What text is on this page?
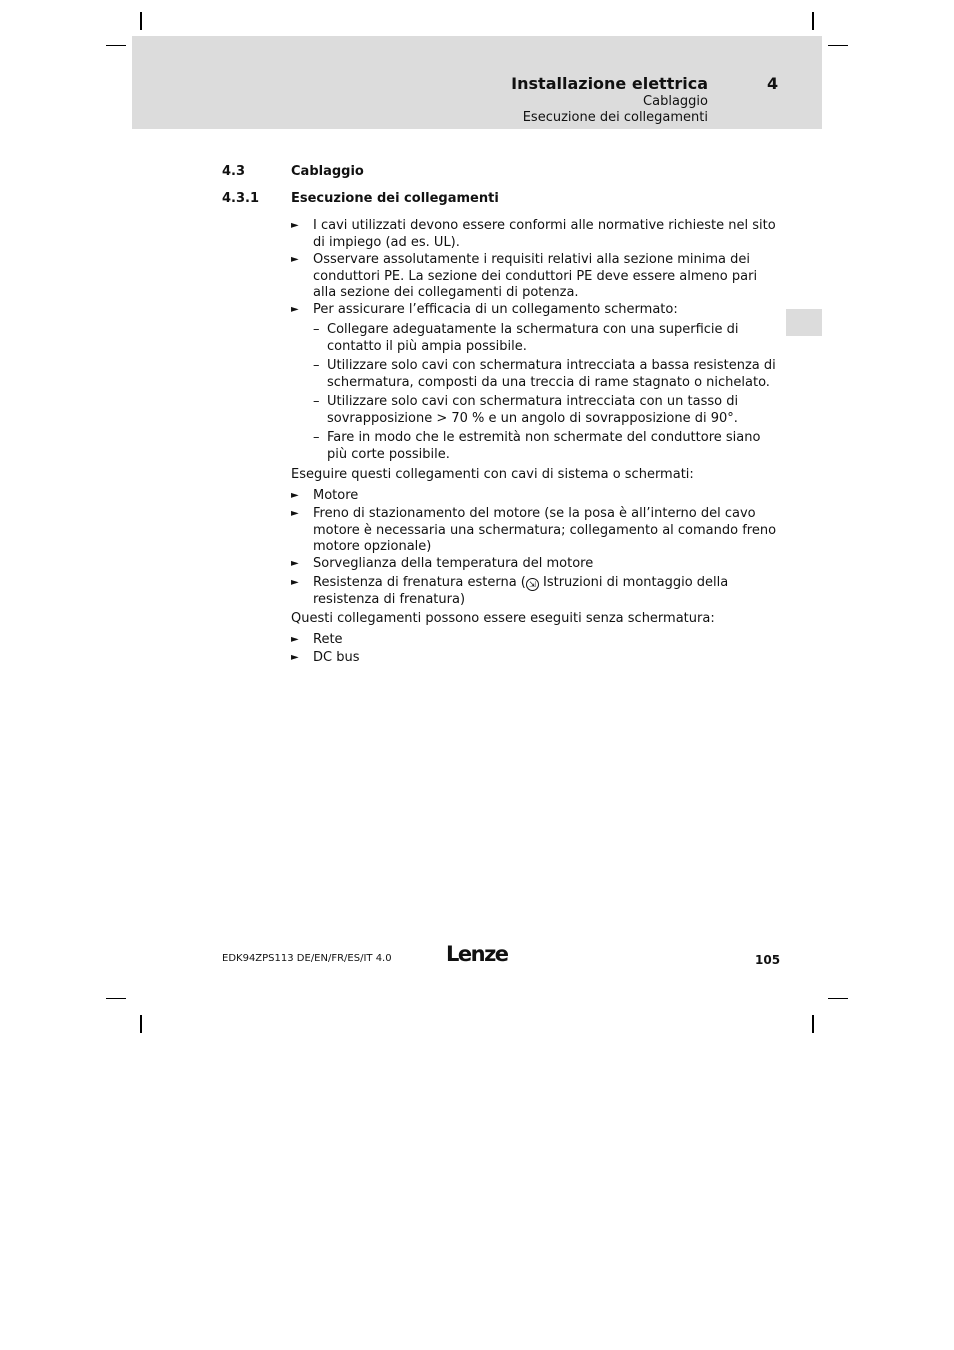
Installazione elettrica	4
Cablaggio
Esecuzione dei collegamenti
4.3	Cablaggio
4.3.1 Esecuzione dei collegamenti
► I cavi utilizzati devono essere conformi alle normative richieste nel sito di impiego (ad es. UL).
► Osservare assolutamente i requisiti relativi alla sezione minima dei conduttori PE. La sezione dei conduttori PE deve essere almeno pari alla sezione dei collegamenti di potenza.
► Per assicurare l’efficacia di un collegamento schermato:
– Collegare adeguatamente la schermatura con una superficie di contatto il più ampia possibile.
– Utilizzare solo cavi con schermatura intrecciata a bassa resistenza di schermatura, composti da una treccia di rame stagnato o nichelato.
– Utilizzare solo cavi con schermatura intrecciata con un tasso di sovrapposizione > 70 % e un angolo di sovrapposizione di 90°.
– Fare in modo che le estremità non schermate del conduttore siano più corte possibile.
Eseguire questi collegamenti con cavi di sistema o schermati:
► Motore
► Freno di stazionamento del motore (se la posa è all’interno del cavo motore è necessaria una schermatura; collegamento al comando freno motore opzionale)
► Sorveglianza della temperatura del motore
► Resistenza di frenatura esterna ( ⇲ Istruzioni di montaggio della resistenza di frenatura)
Questi collegamenti possono essere eseguiti senza schermatura:
► Rete
► DC bus
EDK94ZPS113 DE/EN/FR/ES/IT 4.0	Lenze	105
